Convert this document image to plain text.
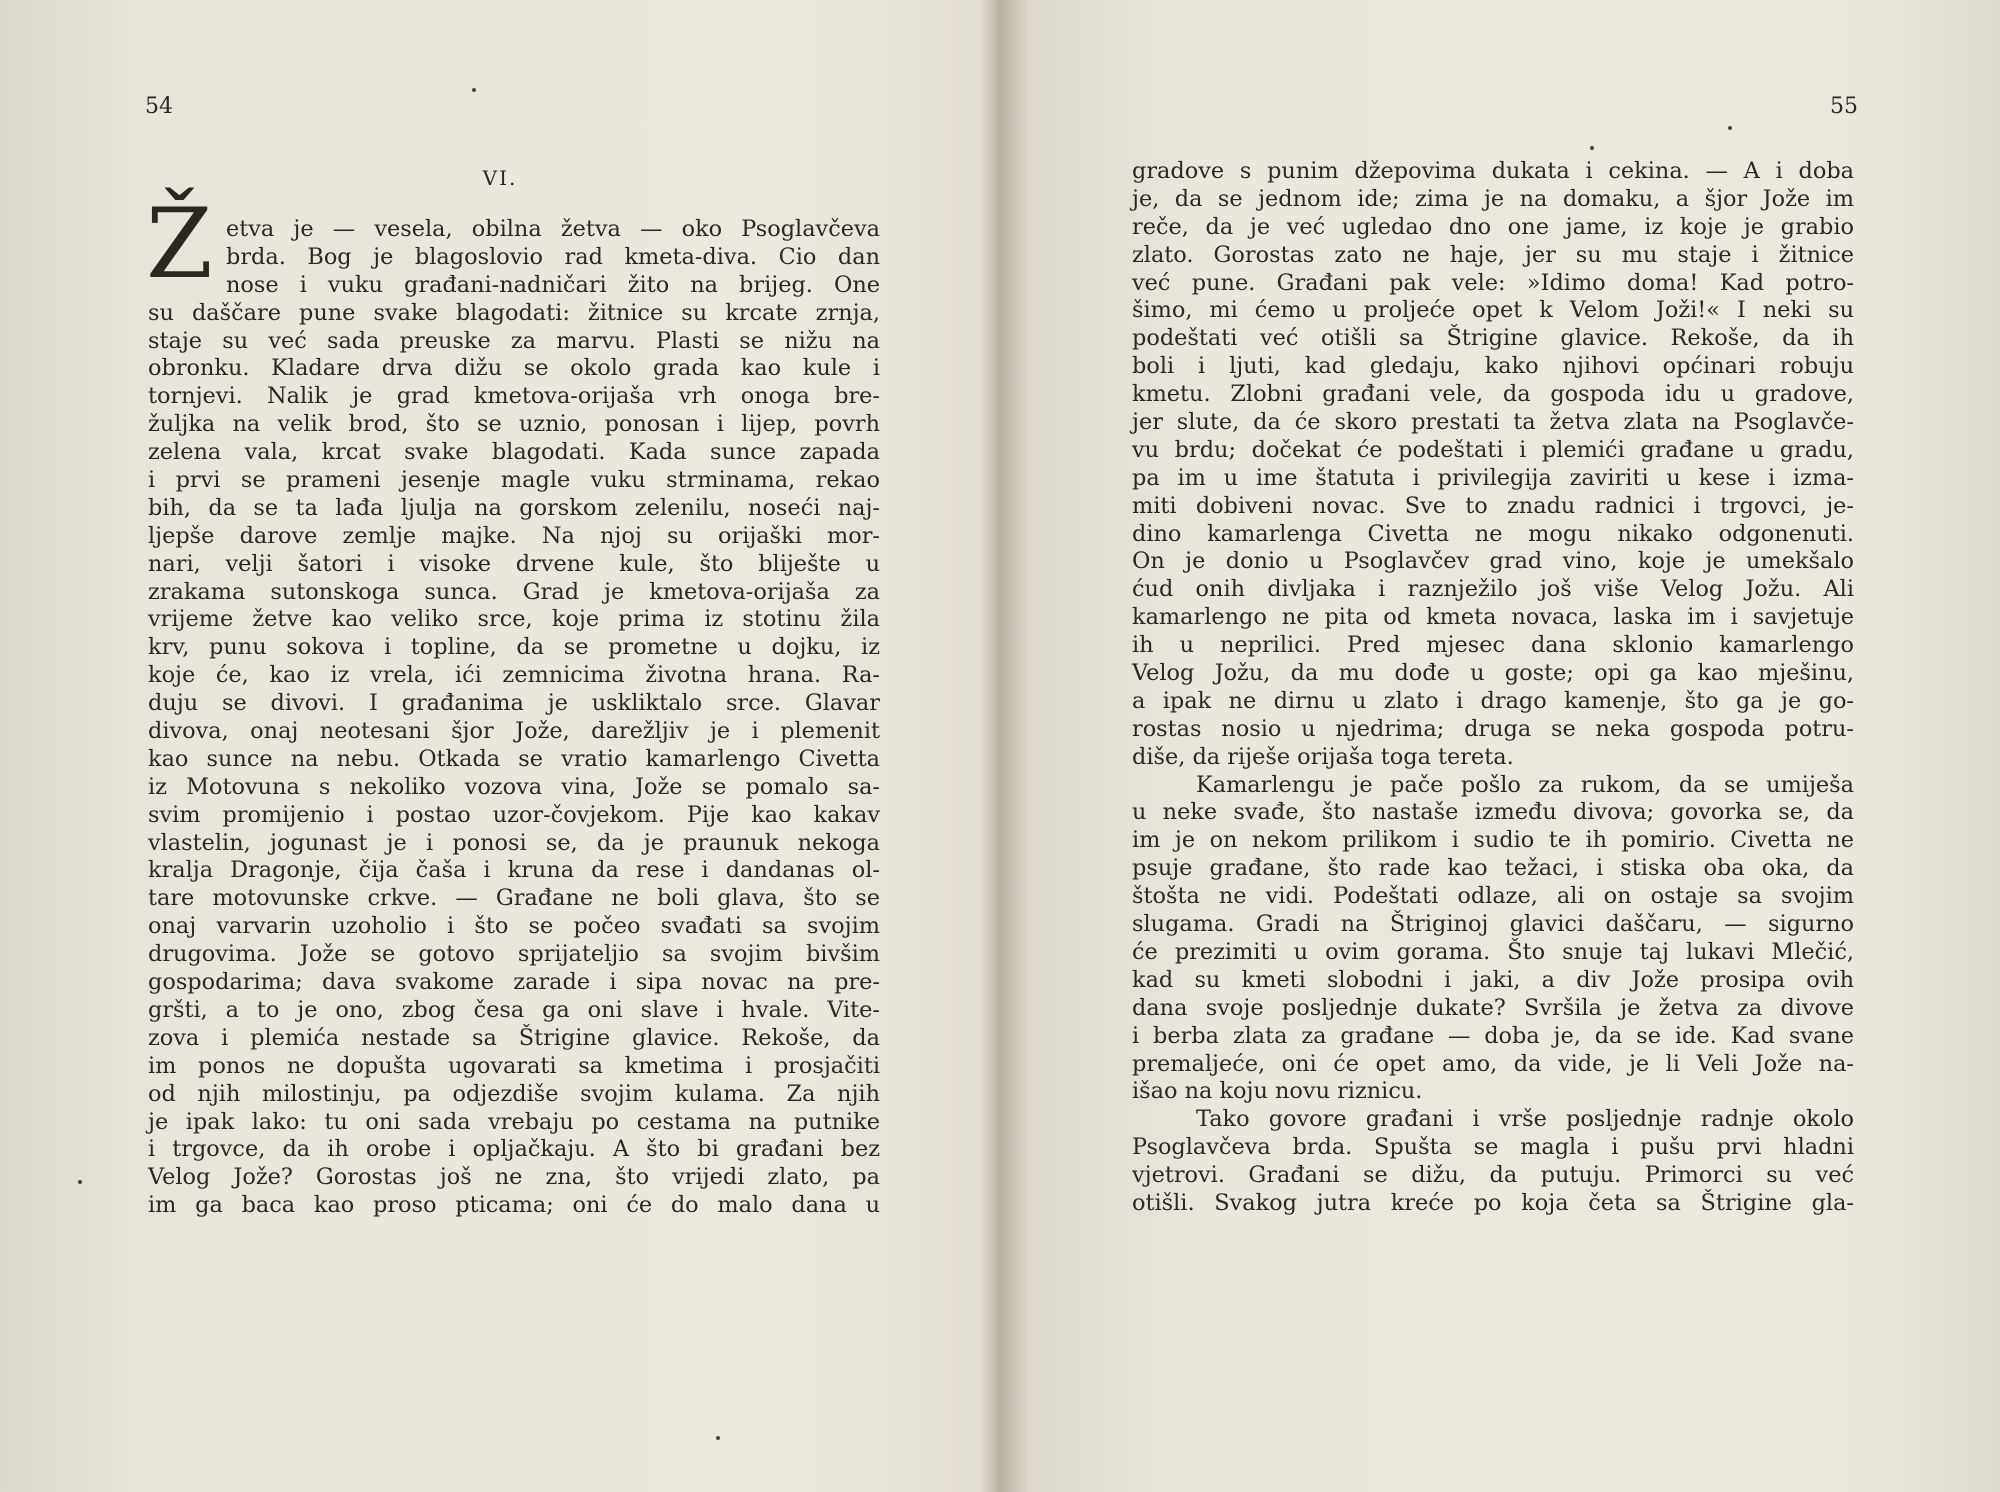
54
VI.
Ž etva je — vesela, obilna žetva — oko Psoglavčeva
brda. Bog je blagoslovio rad kmeta-diva. Cio dan
nose i vuku građani-nadničari žito na brijeg. One
su daščare pune svake blagodati: žitnice su krcate zrnja,
staje su već sada preuske za marvu. Plasti se nižu na
obronku. Kladare drva dižu se okolo grada kao kule i
tornjevi. Nalik je grad kmetova-orijaša vrh onoga bre-
žuljka na velik brod, što se uznio, ponosan i lijep, povrh
zelena vala, krcat svake blagodati. Kada sunce zapada
i prvi se prameni jesenje magle vuku strminama, rekao
bih, da se ta lađa ljulja na gorskom zelenilu, noseći naj-
ljepše darove zemlje majke. Na njoj su orijaški mor-
nari, velji šatori i visoke drvene kule, što bliješte u
zrakama sutonskoga sunca. Grad je kmetova-orijaša za
vrijeme žetve kao veliko srce, koje prima iz stotinu žila
krv, punu sokova i topline, da se prometne u dojku, iz
koje će, kao iz vrela, ići zemnicima životna hrana. Ra-
duju se divovi. I građanima je uskliktalo srce. Glavar
divova, onaj neotesani šjor Jože, darežljiv je i plemenit
kao sunce na nebu. Otkada se vratio kamarlengo Civetta
iz Motovuna s nekoliko vozova vina, Jože se pomalo sa-
svim promijenio i postao uzor-čovjekom. Pije kao kakav
vlastelin, jogunast je i ponosi se, da je praunuk nekoga
kralja Dragonje, čija čaša i kruna da rese i dandanas ol-
tare motovunske crkve. — Građane ne boli glava, što se
onaj varvarin uzoholio i što se počeo svađati sa svojim
drugovima. Jože se gotovo sprijateljio sa svojim bivšim
gospodarima; dava svakome zarade i sipa novac na pre-
gršti, a to je ono, zbog česa ga oni slave i hvale. Vite-
zova i plemića nestade sa Štrigine glavice. Rekoše, da
im ponos ne dopušta ugovarati sa kmetima i prosjačiti
od njih milostinju, pa odjezdiše svojim kulama. Za njih
je ipak lako: tu oni sada vrebaju po cestama na putnike
i trgovce, da ih orobe i opljačkaju. A što bi građani bez
Velog Jože? Gorostas još ne zna, što vrijedi zlato, pa
im ga baca kao proso pticama; oni će do malo dana u
55
gradove s punim džepovima dukata i cekina. — A i doba
je, da se jednom ide; zima je na domaku, a šjor Jože im
reče, da je već ugledao dno one jame, iz koje je grabio
zlato. Gorostas zato ne haje, jer su mu staje i žitnice
već pune. Građani pak vele: »Idimo doma! Kad potro-
šimo, mi ćemo u proljeće opet k Velom Joži!« I neki su
podeštati već otišli sa Štrigine glavice. Rekoše, da ih
boli i ljuti, kad gledaju, kako njihovi općinari robuju
kmetu. Zlobni građani vele, da gospoda idu u gradove,
jer slute, da će skoro prestati ta žetva zlata na Psoglavče-
vu brdu; dočekat će podeštati i plemići građane u gradu,
pa im u ime štatuta i privilegija zaviriti u kese i izma-
miti dobiveni novac. Sve to znadu radnici i trgovci, je-
dino kamarlenga Civetta ne mogu nikako odgonenuti.
On je donio u Psoglavčev grad vino, koje je umekšalo
ćud onih divljaka i raznježilo još više Velog Jožu. Ali
kamarlengo ne pita od kmeta novaca, laska im i savjetuje
ih u neprilici. Pred mjesec dana sklonio kamarlengo
Velog Jožu, da mu dođe u goste; opi ga kao mješinu,
a ipak ne dirnu u zlato i drago kamenje, što ga je go-
rostas nosio u njedrima; druga se neka gospoda potru-
diše, da riješe orijaša toga tereta.
Kamarlengu je pače pošlo za rukom, da se umiješa
u neke svađe, što nastaše između divova; govorka se, da
im je on nekom prilikom i sudio te ih pomirio. Civetta ne
psuje građane, što rade kao težaci, i stiska oba oka, da
štošta ne vidi. Podeštati odlaze, ali on ostaje sa svojim
slugama. Gradi na Štriginoj glavici daščaru, — sigurno
će prezimiti u ovim gorama. Što snuje taj lukavi Mlečić,
kad su kmeti slobodni i jaki, a div Jože prosipa ovih
dana svoje posljednje dukate? Svršila je žetva za divove
i berba zlata za građane — doba je, da se ide. Kad svane
premaljeće, oni će opet amo, da vide, je li Veli Jože na-
išao na koju novu riznicu.
Tako govore građani i vrše posljednje radnje okolo
Psoglavčeva brda. Spušta se magla i pušu prvi hladni
vjetrovi. Građani se dižu, da putuju. Primorci su već
otišli. Svakog jutra kreće po koja četa sa Štrigine gla-
